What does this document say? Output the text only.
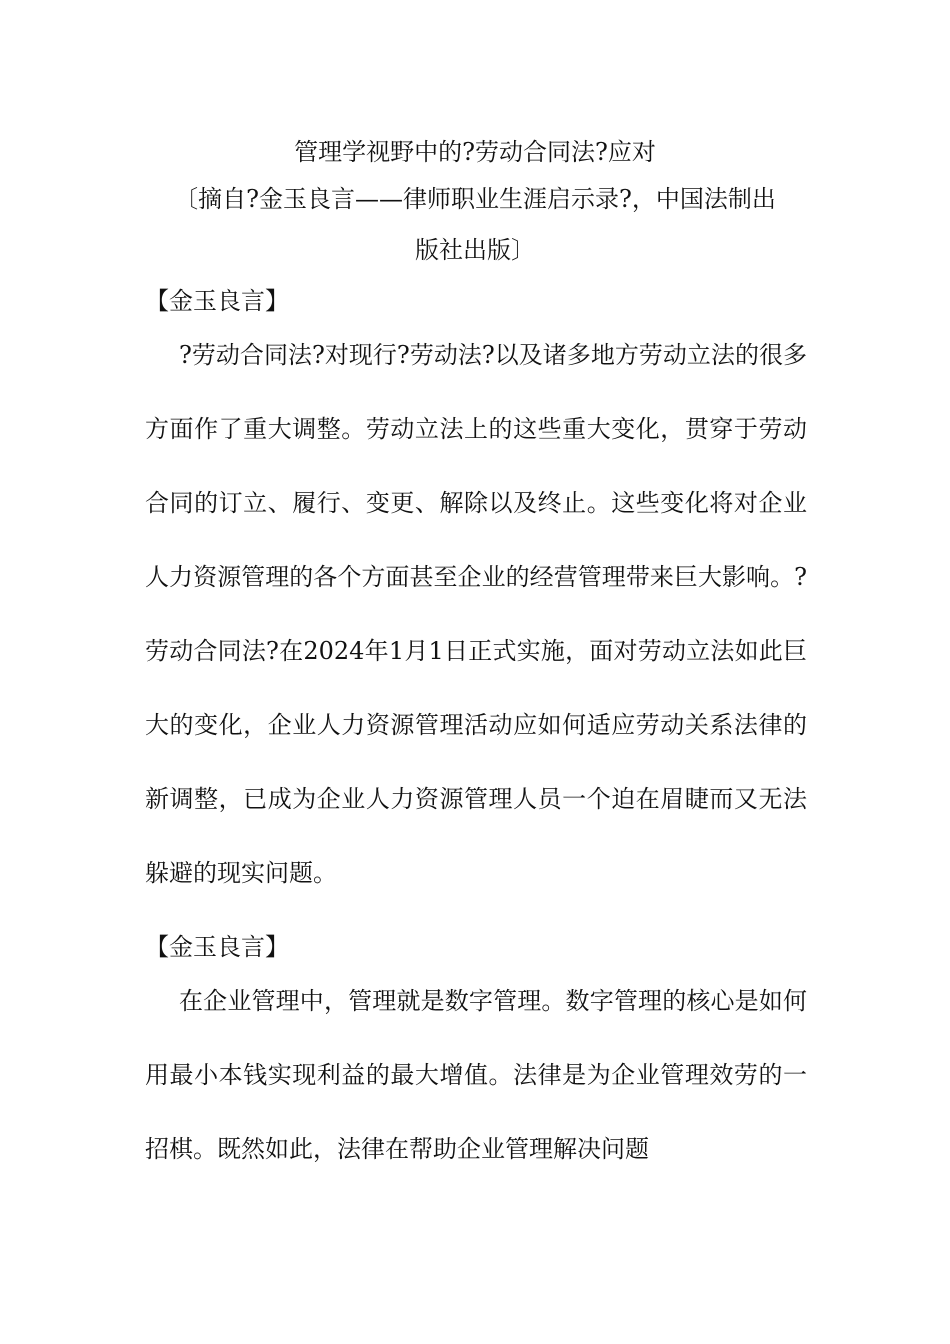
管理学视野中的?劳动合同法?应对
〔摘自?金玉良言——律师职业生涯启示录?，中国法制出
版社出版〕
【金玉良言】

?劳动合同法?对现行?劳动法?以及诸多地方劳动立法的很多方面作了重大调整。劳动立法上的这些重大变化，贯穿于劳动合同的订立、履行、变更、解除以及终止。这些变化将对企业人力资源管理的各个方面甚至企业的经营管理带来巨大影响。?劳动合同法?在2024年1月1日正式实施，面对劳动立法如此巨大的变化，企业人力资源管理活动应如何适应劳动关系法律的新调整，已成为企业人力资源管理人员一个迫在眉睫而又无法躲避的现实问题。

【金玉良言】

在企业管理中，管理就是数字管理。数字管理的核心是如何用最小本钱实现利益的最大增值。法律是为企业管理效劳的一招棋。既然如此，法律在帮助企业管理解决问题
